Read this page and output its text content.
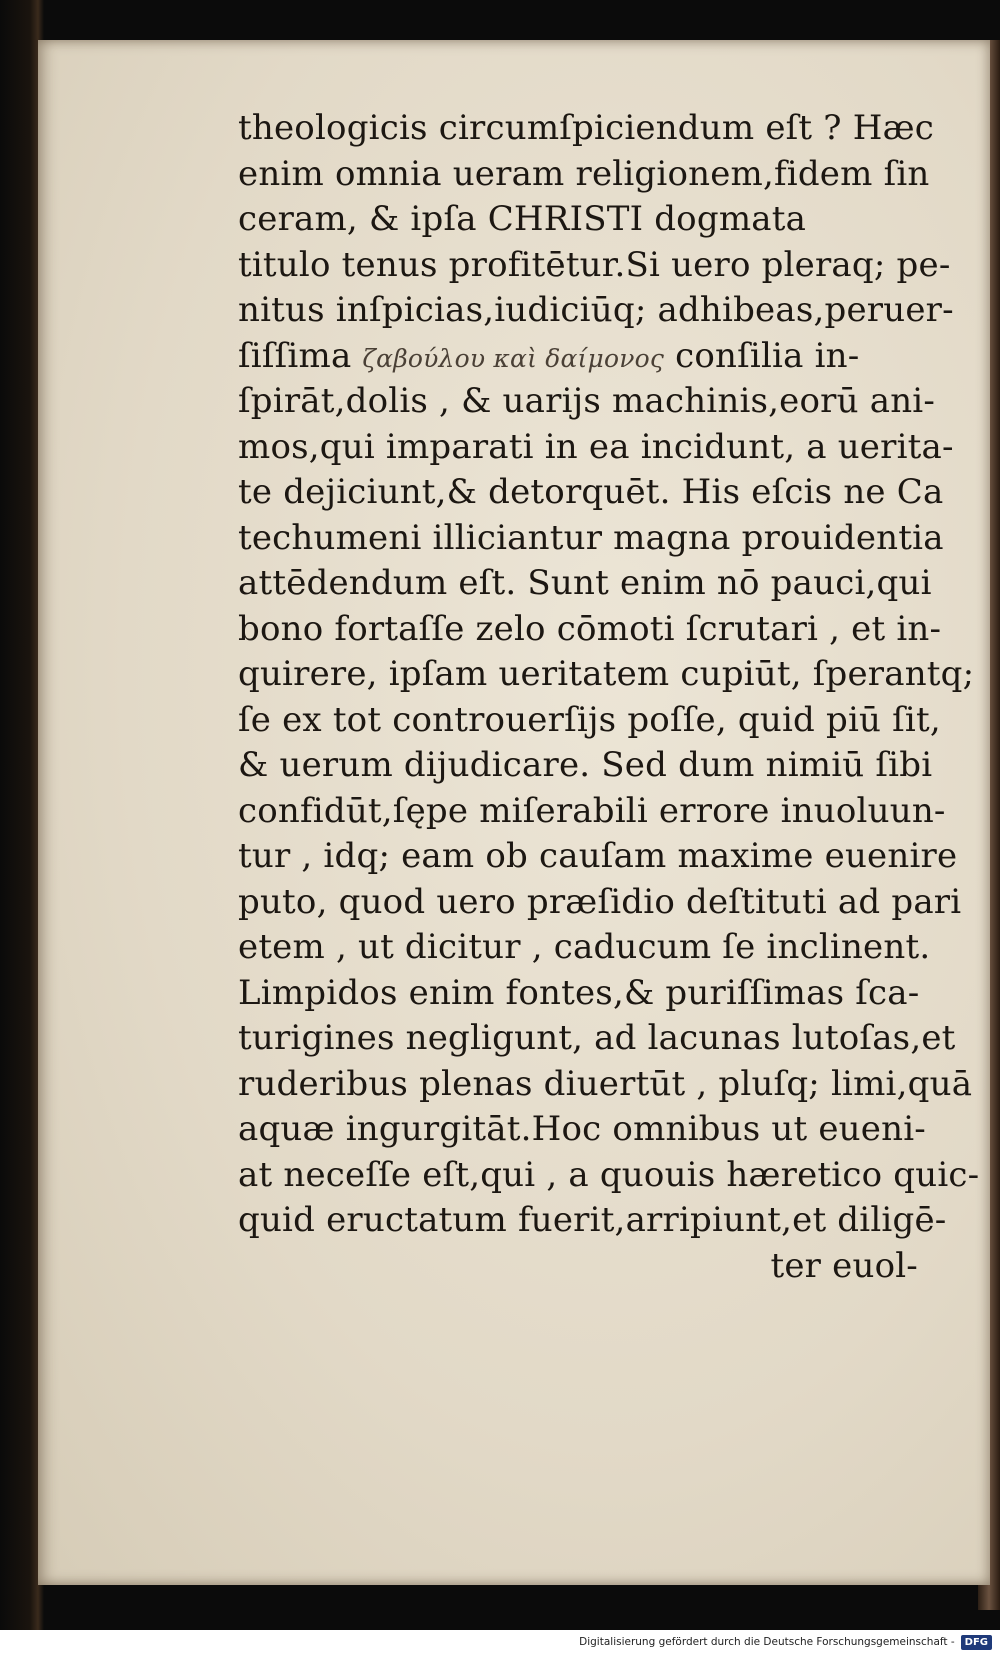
theologicis circumſpiciendum eſt ? Hæc
enim omnia ueram religionem,fidem ſin
ceram, & ipſa CHRISTI dogmata
titulo tenus profitētur.Si uero pleraq; pe-
nitus inſpicias,iudiciūq; adhibeas,peruer-
ſiſſima ζαβούλου καὶ δαίμονος conſilia in-
ſpirāt,dolis , & uarijs machinis,eorū ani-
mos,qui imparati in ea incidunt, a uerita-
te dejiciunt,& detorquēt. His eſcis ne Ca
techumeni illiciantur magna prouidentia
attēdendum eſt. Sunt enim nō pauci,qui
bono fortaſſe zelo cōmoti ſcrutari , et in-
quirere, ipſam ueritatem cupiūt, ſperantq;
ſe ex tot controuerſijs poſſe, quid piū ſit,
& uerum dijudicare. Sed dum nimiū ſibi
confidūt,ſępe miſerabili errore inuoluun-
tur , idq; eam ob cauſam maxime euenire
puto, quod uero præſidio deſtituti ad pari
etem , ut dicitur , caducum ſe inclinent.
Limpidos enim fontes,& puriſſimas ſca-
turigines negligunt, ad lacunas lutoſas,et
ruderibus plenas diuertūt , pluſq; limi,quā
aquæ ingurgitāt.Hoc omnibus ut eueni-
at neceſſe eſt,qui , a quouis hæretico quic-
quid eructatum fuerit,arripiunt,et diligē-
ter euol-
Digitalisierung gefördert durch die Deutsche Forschungsgemeinschaft -	DFG
